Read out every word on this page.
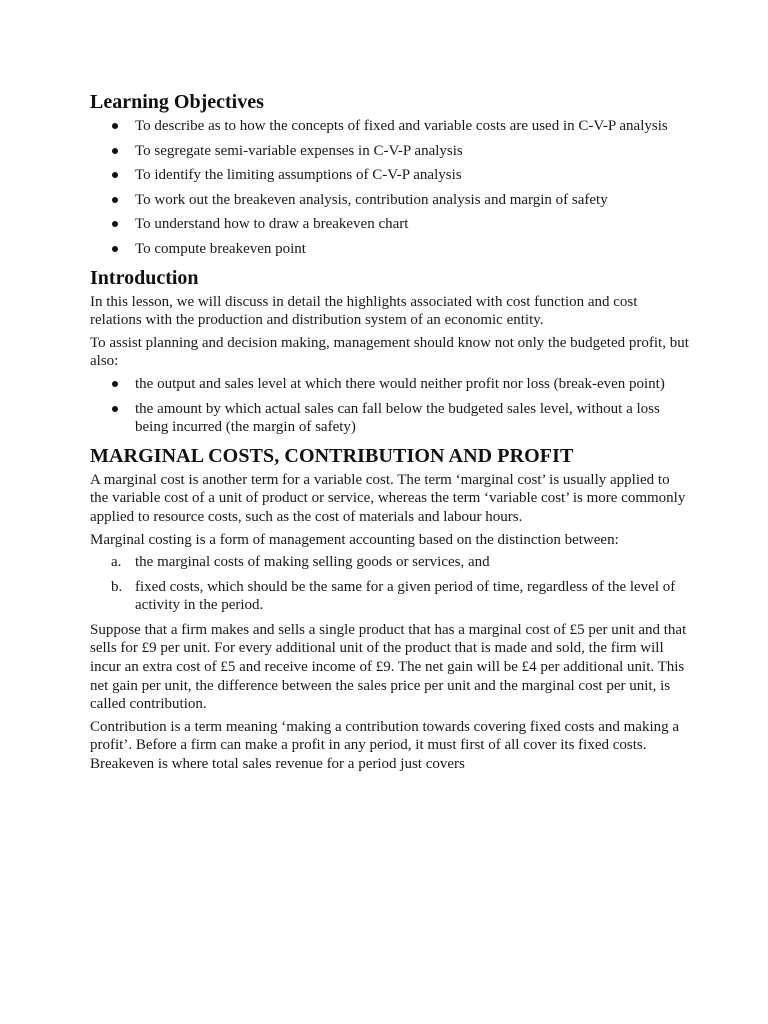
Learning Objectives
To describe as to how the concepts of fixed and variable costs are used in C-V-P analysis
To segregate semi-variable expenses in C-V-P analysis
To identify the limiting assumptions of C-V-P analysis
To work out the breakeven analysis, contribution analysis and margin of safety
To understand how to draw a breakeven chart
To compute breakeven point
Introduction

In this lesson, we will discuss in detail the highlights associated with cost function and cost relations with the production and distribution system of an economic entity.

To assist planning and decision making, management should know not only the budgeted profit, but also:

the output and sales level at which there would neither profit nor loss (break-even point)
the amount by which actual sales can fall below the budgeted sales level, without a loss being incurred (the margin of safety)
MARGINAL COSTS, CONTRIBUTION AND PROFIT

A marginal cost is another term for a variable cost. The term ‘marginal cost’ is usually applied to the variable cost of a unit of product or service, whereas the term ‘variable cost’ is more commonly applied to resource costs, such as the cost of materials and labour hours.

Marginal costing is a form of management accounting based on the distinction between:

a. the marginal costs of making selling goods or services, and
b. fixed costs, which should be the same for a given period of time, regardless of the level of activity in the period.

Suppose that a firm makes and sells a single product that has a marginal cost of £5 per unit and that sells for £9 per unit. For every additional unit of the product that is made and sold, the firm will incur an extra cost of £5 and receive income of £9. The net gain will be £4 per additional unit. This net gain per unit, the difference between the sales price per unit and the marginal cost per unit, is called contribution.

Contribution is a term meaning ‘making a contribution towards covering fixed costs and making a profit’. Before a firm can make a profit in any period, it must first of all cover its fixed costs. Breakeven is where total sales revenue for a period just covers
